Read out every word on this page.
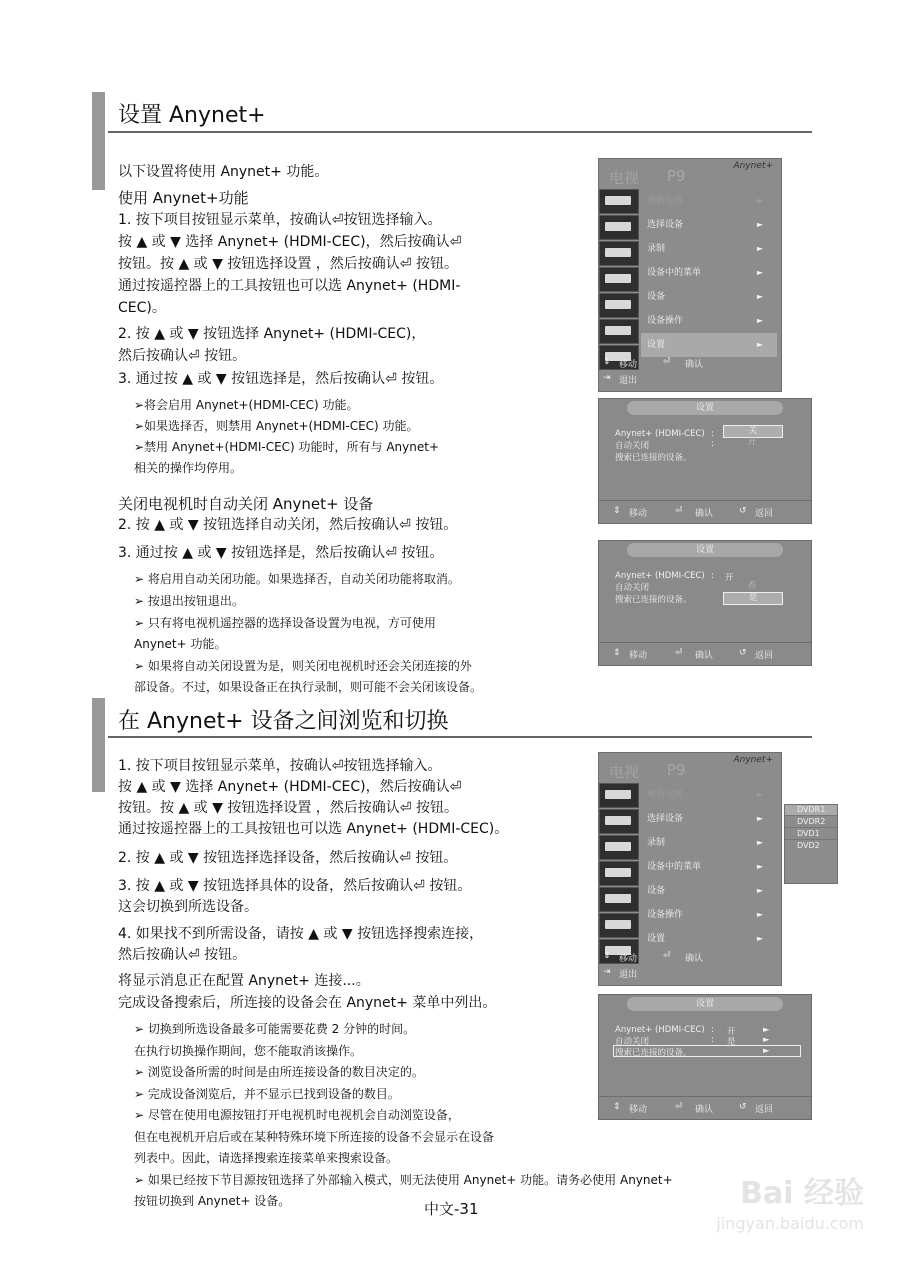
设置 Anynet+
以下设置将使用 Anynet+ 功能。
使用 Anynet+功能
1. 按下项目按钮显示菜单，按确认⏎按钮选择输入。
按 ▲ 或 ▼ 选择 Anynet+ (HDMI-CEC)，然后按确认⏎
按钮。按 ▲ 或 ▼ 按钮选择设置 ，然后按确认⏎ 按钮。
通过按遥控器上的工具按钮也可以选 Anynet+ (HDMI-
CEC)。
2. 按 ▲ 或 ▼ 按钮选择 Anynet+ (HDMI-CEC)，
然后按确认⏎ 按钮。
3. 通过按 ▲ 或 ▼ 按钮选择是，然后按确认⏎ 按钮。
➢将会启用 Anynet+(HDMI-CEC) 功能。
➢如果选择否，则禁用 Anynet+(HDMI-CEC) 功能。
➢禁用 Anynet+(HDMI-CEC) 功能时，所有与 Anynet+
相关的操作均停用。
关闭电视机时自动关闭 Anynet+ 设备
2. 按 ▲ 或 ▼ 按钮选择自动关闭，然后按确认⏎ 按钮。
3. 通过按 ▲ 或 ▼ 按钮选择是，然后按确认⏎ 按钮。
➢ 将启用自动关闭功能。如果选择否，自动关闭功能将取消。
➢ 按退出按钮退出。
➢ 只有将电视机遥控器的选择设备设置为电视，方可使用
Anynet+ 功能。
➢ 如果将自动关闭设置为是，则关闭电视机时还会关闭连接的外
部设备。不过，如果设备正在执行录制，则可能不会关闭该设备。
在 Anynet+ 设备之间浏览和切换
1. 按下项目按钮显示菜单，按确认⏎按钮选择输入。
按 ▲ 或 ▼ 选择 Anynet+ (HDMI-CEC)，然后按确认⏎
按钮。按 ▲ 或 ▼ 按钮选择设置 ，然后按确认⏎ 按钮。
通过按遥控器上的工具按钮也可以选 Anynet+ (HDMI-CEC)。
2. 按 ▲ 或 ▼ 按钮选择选择设备，然后按确认⏎ 按钮。
3. 按 ▲ 或 ▼ 按钮选择具体的设备，然后按确认⏎ 按钮。
这会切换到所选设备。
4. 如果找不到所需设备，请按 ▲ 或 ▼ 按钮选择搜索连接，
然后按确认⏎ 按钮。
将显示消息正在配置 Anynet+ 连接...。
完成设备搜索后，所连接的设备会在 Anynet+ 菜单中列出。
➢ 切换到所选设备最多可能需要花费 2 分钟的时间。
在执行切换操作期间，您不能取消该操作。
➢ 浏览设备所需的时间是由所连接设备的数目决定的。
➢ 完成设备浏览后，并不显示已找到设备的数目。
➢ 尽管在使用电源按钮打开电视机时电视机会自动浏览设备，
但在电视机开启后或在某种特殊环境下所连接的设备不会显示在设备
列表中。因此，请选择搜索连接菜单来搜索设备。
➢ 如果已经按下节目源按钮选择了外部输入模式，则无法使用 Anynet+ 功能。请务必使用 Anynet+
按钮切换到 Anynet+ 设备。
Anynet+
电视 P9
观看电视	►
选择设备	►
录制	►
设备中的菜单	►
设备	►
设备操作	►
设置	►
⇕ 移动	⏎ 确认
⇥ 退出
设置
Anynet+ (HDMI-CEC)
自动关闭
搜索已连接的设备。
:
:
关
开
⇕ 移动	⏎ 确认	↺ 返回
设置
Anynet+ (HDMI-CEC)
自动关闭
搜索已连接的设备。
: 开
否
是
⇕ 移动	⏎ 确认	↺ 返回
Anynet+
电视 P9
观看电视	►
选择设备	►
录制	►
设备中的菜单	►
设备	►
设备操作	►
设置	►
⇕ 移动	⏎ 确认
⇥ 退出
DVDR1
DVDR2
DVD1
DVD2
设置
Anynet+ (HDMI-CEC)
自动关闭
搜索已连接的设备。
:
:
开
是
►
►
►
⇕ 移动	⏎ 确认	↺ 返回
中文-31	Bai 经验
jingyan.baidu.com
